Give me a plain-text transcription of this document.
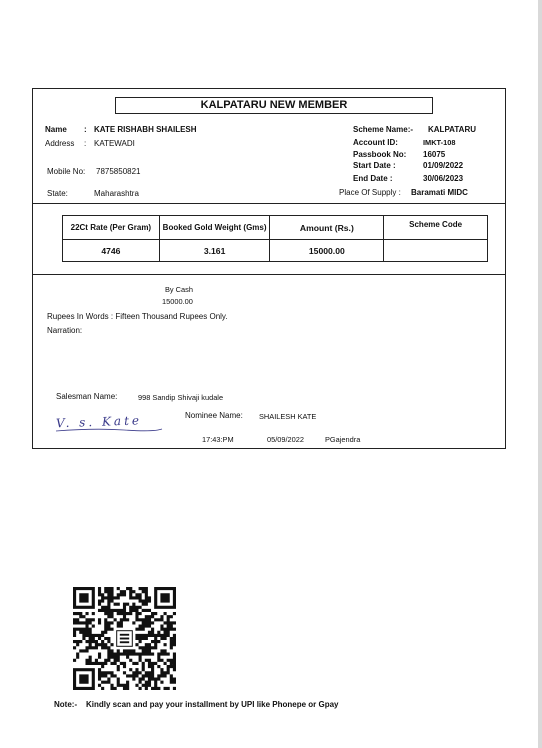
KALPATARU NEW MEMBER
Name : KATE RISHABH SHAILESH
Address : KATEWADI
Mobile No: 7875850821
State:	Maharashtra
Scheme Name:- KALPATARU
Account ID:	IMKT-108
Passbook No: 16075
Start Date :	01/09/2022
End Date :	30/06/2023
Place Of Supply : Baramati MIDC
22Ct Rate (Per Gram)	Booked Gold Weight (Gms)	Amount (Rs.)	Scheme Code
4746	3.161	15000.00	
By Cash
15000.00
Rupees In Words : Fifteen Thousand Rupees Only.
Narration:
Salesman Name:	998 Sandip Shivaji kudale
V. s. Kate	Nominee Name: SHAILESH KATE
17:43:PM	05/09/2022	PGajendra
Note:- Kindly scan and pay your installment by UPI like Phonepe or Gpay
